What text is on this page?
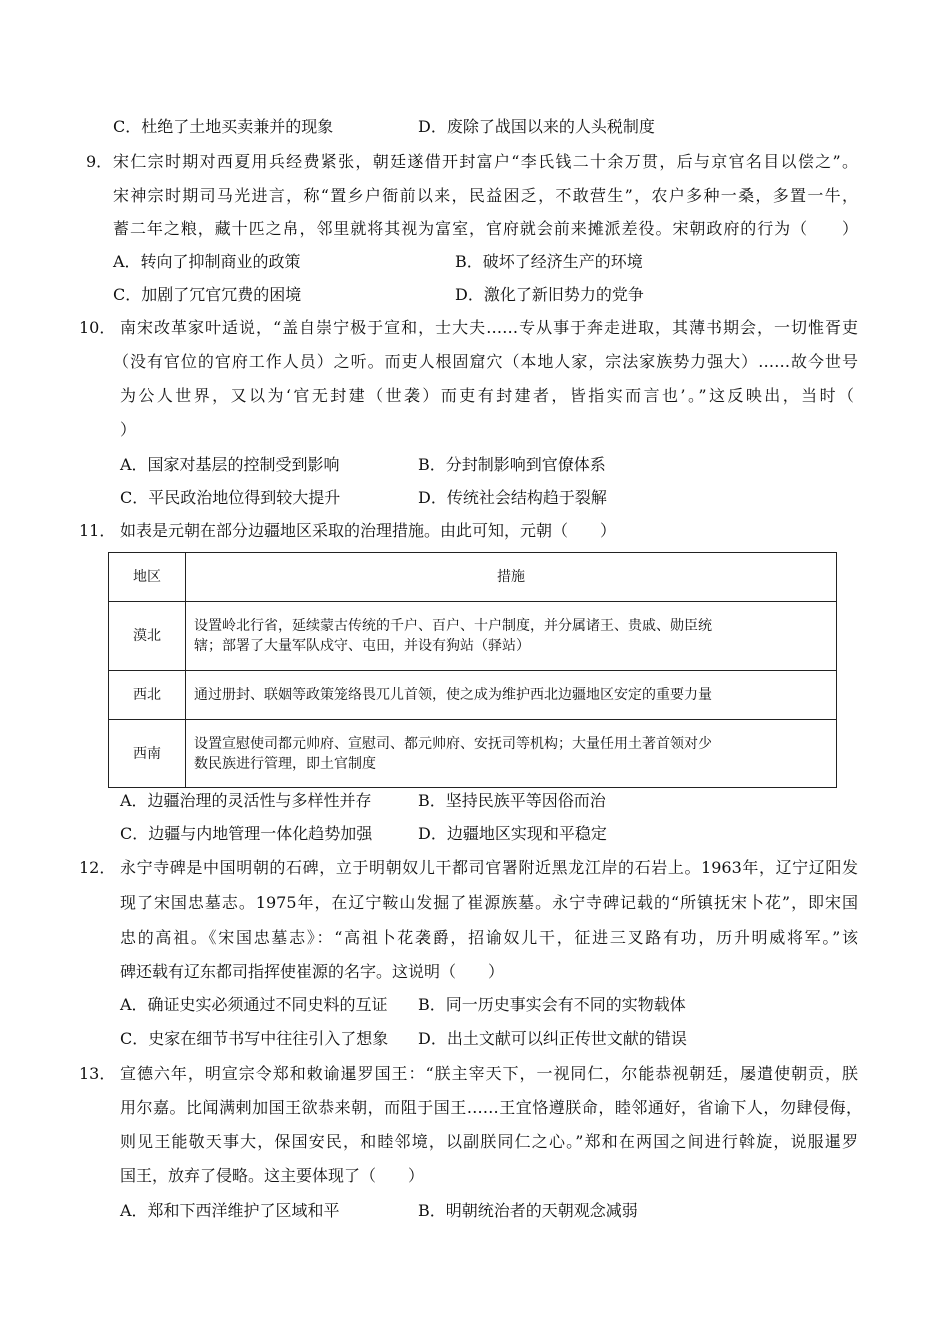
C．杜绝了土地买卖兼并的现象	D．废除了战国以来的人头税制度
9． 宋仁宗时期对西夏用兵经费紧张，朝廷遂借开封富户“李氏钱二十余万贯，后与京官名目以偿之”。
宋神宗时期司马光进言，称“置乡户衙前以来，民益困乏，不敢营生”，农户多种一桑，多置一牛，
蓄二年之粮，藏十匹之帛，邻里就将其视为富室，官府就会前来摊派差役。宋朝政府的行为（　　）
A．转向了抑制商业的政策	B．破坏了经济生产的环境
C．加剧了冗官冗费的困境	D．激化了新旧势力的党争
10． 南宋改革家叶适说，“盖自崇宁极于宣和，士大夫……专从事于奔走进取，其薄书期会，一切惟胥吏
（没有官位的官府工作人员）之听。而吏人根固窟穴（本地人家，宗法家族势力强大）……故今世号
为公人世界，又以为‘官无封建（世袭）而吏有封建者，皆指实而言也’。”这反映出，当时（
）
A．国家对基层的控制受到影响	B．分封制影响到官僚体系
C．平民政治地位得到较大提升	D．传统社会结构趋于裂解
11． 如表是元朝在部分边疆地区采取的治理措施。由此可知，元朝（　　）
地区	措施
漠北	设置岭北行省，延续蒙古传统的千户、百户、十户制度，并分属诸王、贵戚、勋臣统
辖；部署了大量军队戍守、屯田，并设有狗站（驿站）

西北	通过册封、联姻等政策笼络畏兀儿首领，使之成为维护西北边疆地区安定的重要力量

西南	设置宣慰使司都元帅府、宣慰司、都元帅府、安抚司等机构；大量任用土著首领对少
数民族进行管理，即土官制度
A．边疆治理的灵活性与多样性并存	B．坚持民族平等因俗而治
C．边疆与内地管理一体化趋势加强	D．边疆地区实现和平稳定
12． 永宁寺碑是中国明朝的石碑，立于明朝奴儿干都司官署附近黑龙江岸的石岩上。1963年，辽宁辽阳发
现了宋国忠墓志。1975年，在辽宁鞍山发掘了崔源族墓。永宁寺碑记载的“所镇抚宋卜花”，即宋国
忠的高祖。《宋国忠墓志》：“高祖卜花袭爵，招谕奴儿干，征进三叉路有功，历升明威将军。”该
碑还载有辽东都司指挥使崔源的名字。这说明（　　）
A．确证史实必须通过不同史料的互证 B．同一历史事实会有不同的实物载体
C．史家在细节书写中往往引入了想象 D．出土文献可以纠正传世文献的错误
13． 宣德六年，明宣宗令郑和敕谕暹罗国王：“朕主宰天下，一视同仁，尔能恭视朝廷，屡遣使朝贡，朕
用尔嘉。比闻满剌加国王欲恭来朝，而阻于国王……王宜恪遵朕命，睦邻通好，省谕下人，勿肆侵侮，
则见王能敬天事大，保国安民，和睦邻境，以副朕同仁之心。”郑和在两国之间进行斡旋，说服暹罗
国王，放弃了侵略。这主要体现了（　　）
A．郑和下西洋维护了区域和平	B．明朝统治者的天朝观念减弱
